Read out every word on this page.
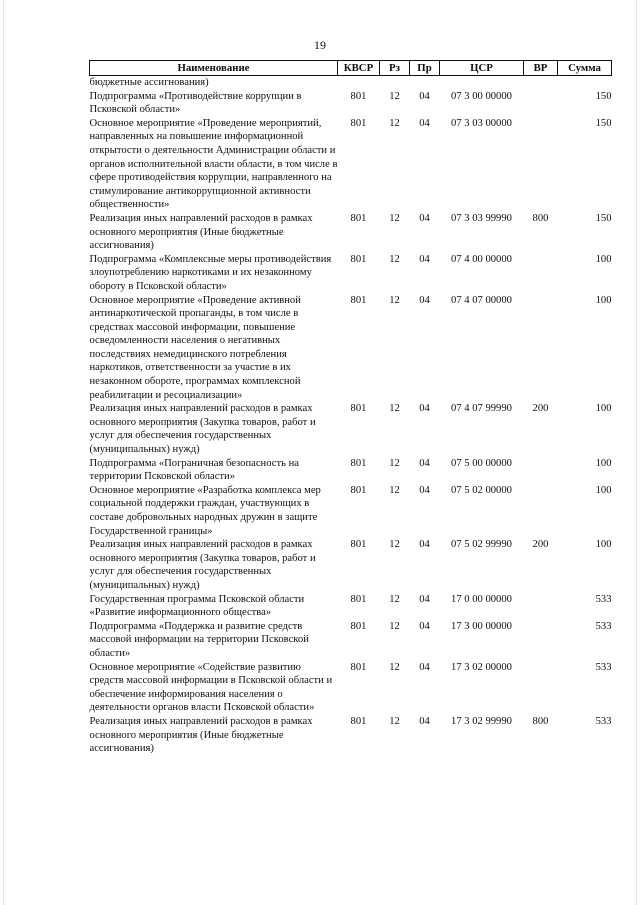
19
Наименование	КВСР	Рз	Пр	ЦСР	ВР	Сумма
бюджетные ассигнования)						
Подпрограмма «Противодействие коррупции в Псковской области»	801	12	04	07 3 00 00000		150
Основное мероприятие «Проведение мероприятий, направленных на повышение информационной открытости о деятельности Администрации области и органов исполнительной власти области, в том числе в сфере противодействия коррупции, направленного на стимулирование антикоррупционной активности общественности»	801	12	04	07 3 03 00000		150
Реализация иных направлений расходов в рамках основного мероприятия (Иные бюджетные ассигнования)	801	12	04	07 3 03 99990	800	150
Подпрограмма «Комплексные меры противодействия злоупотреблению наркотиками и их незаконному обороту в Псковской области»	801	12	04	07 4 00 00000		100
Основное мероприятие «Проведение активной антинаркотической пропаганды, в том числе в средствах массовой информации, повышение осведомленности населения о негативных последствиях немедицинского потребления наркотиков, ответственности за участие в их незаконном обороте, программах комплексной реабилитации и ресоциализации»	801	12	04	07 4 07 00000		100
Реализация иных направлений расходов в рамках основного мероприятия (Закупка товаров, работ и услуг для обеспечения государственных (муниципальных) нужд)	801	12	04	07 4 07 99990	200	100
Подпрограмма «Пограничная безопасность на территории Псковской области»	801	12	04	07 5 00 00000		100
Основное мероприятие «Разработка комплекса мер социальной поддержки граждан, участвующих в составе добровольных народных дружин в защите Государственной границы»	801	12	04	07 5 02 00000		100
Реализация иных направлений расходов в рамках основного мероприятия (Закупка товаров, работ и услуг для обеспечения государственных (муниципальных) нужд)	801	12	04	07 5 02 99990	200	100
Государственная программа Псковской области «Развитие информационного общества»	801	12	04	17 0 00 00000		533
Подпрограмма «Поддержка и развитие средств массовой информации на территории Псковской области»	801	12	04	17 3 00 00000		533
Основное мероприятие «Содействие развитию средств массовой информации в Псковской области и обеспечение информирования населения о деятельности органов власти Псковской области»	801	12	04	17 3 02 00000		533
Реализация иных направлений расходов в рамках основного мероприятия (Иные бюджетные ассигнования)	801	12	04	17 3 02 99990	800	533
